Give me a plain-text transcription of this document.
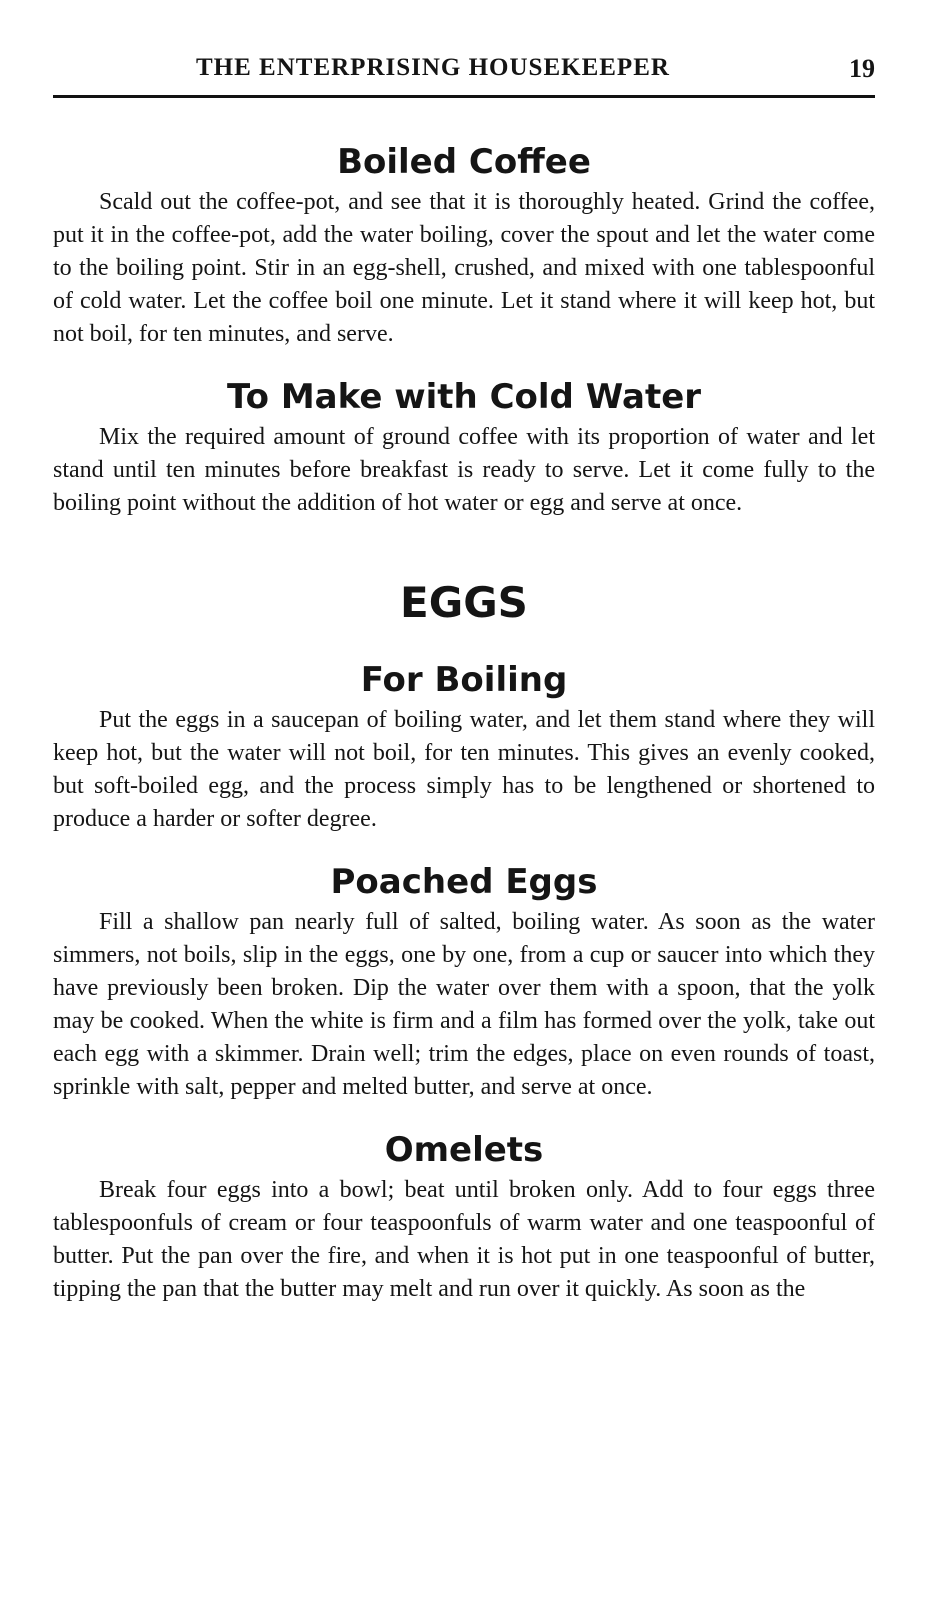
THE ENTERPRISING HOUSEKEEPER	19
Boiled Coffee

Scald out the coffee-pot, and see that it is thoroughly heated. Grind the coffee, put it in the coffee-pot, add the water boiling, cover the spout and let the water come to the boiling point. Stir in an egg-shell, crushed, and mixed with one tablespoonful of cold water. Let the coffee boil one minute. Let it stand where it will keep hot, but not boil, for ten minutes, and serve.

To Make with Cold Water

Mix the required amount of ground coffee with its proportion of water and let stand until ten minutes before breakfast is ready to serve. Let it come fully to the boiling point without the addition of hot water or egg and serve at once.

EGGS
For Boiling

Put the eggs in a saucepan of boiling water, and let them stand where they will keep hot, but the water will not boil, for ten minutes. This gives an evenly cooked, but soft-boiled egg, and the process simply has to be lengthened or shortened to produce a harder or softer degree.

Poached Eggs

Fill a shallow pan nearly full of salted, boiling water. As soon as the water simmers, not boils, slip in the eggs, one by one, from a cup or saucer into which they have previously been broken. Dip the water over them with a spoon, that the yolk may be cooked. When the white is firm and a film has formed over the yolk, take out each egg with a skimmer. Drain well; trim the edges, place on even rounds of toast, sprinkle with salt, pepper and melted butter, and serve at once.

Omelets

Break four eggs into a bowl; beat until broken only. Add to four eggs three tablespoonfuls of cream or four teaspoonfuls of warm water and one teaspoonful of butter. Put the pan over the fire, and when it is hot put in one teaspoonful of butter, tipping the pan that the butter may melt and run over it quickly. As soon as the
